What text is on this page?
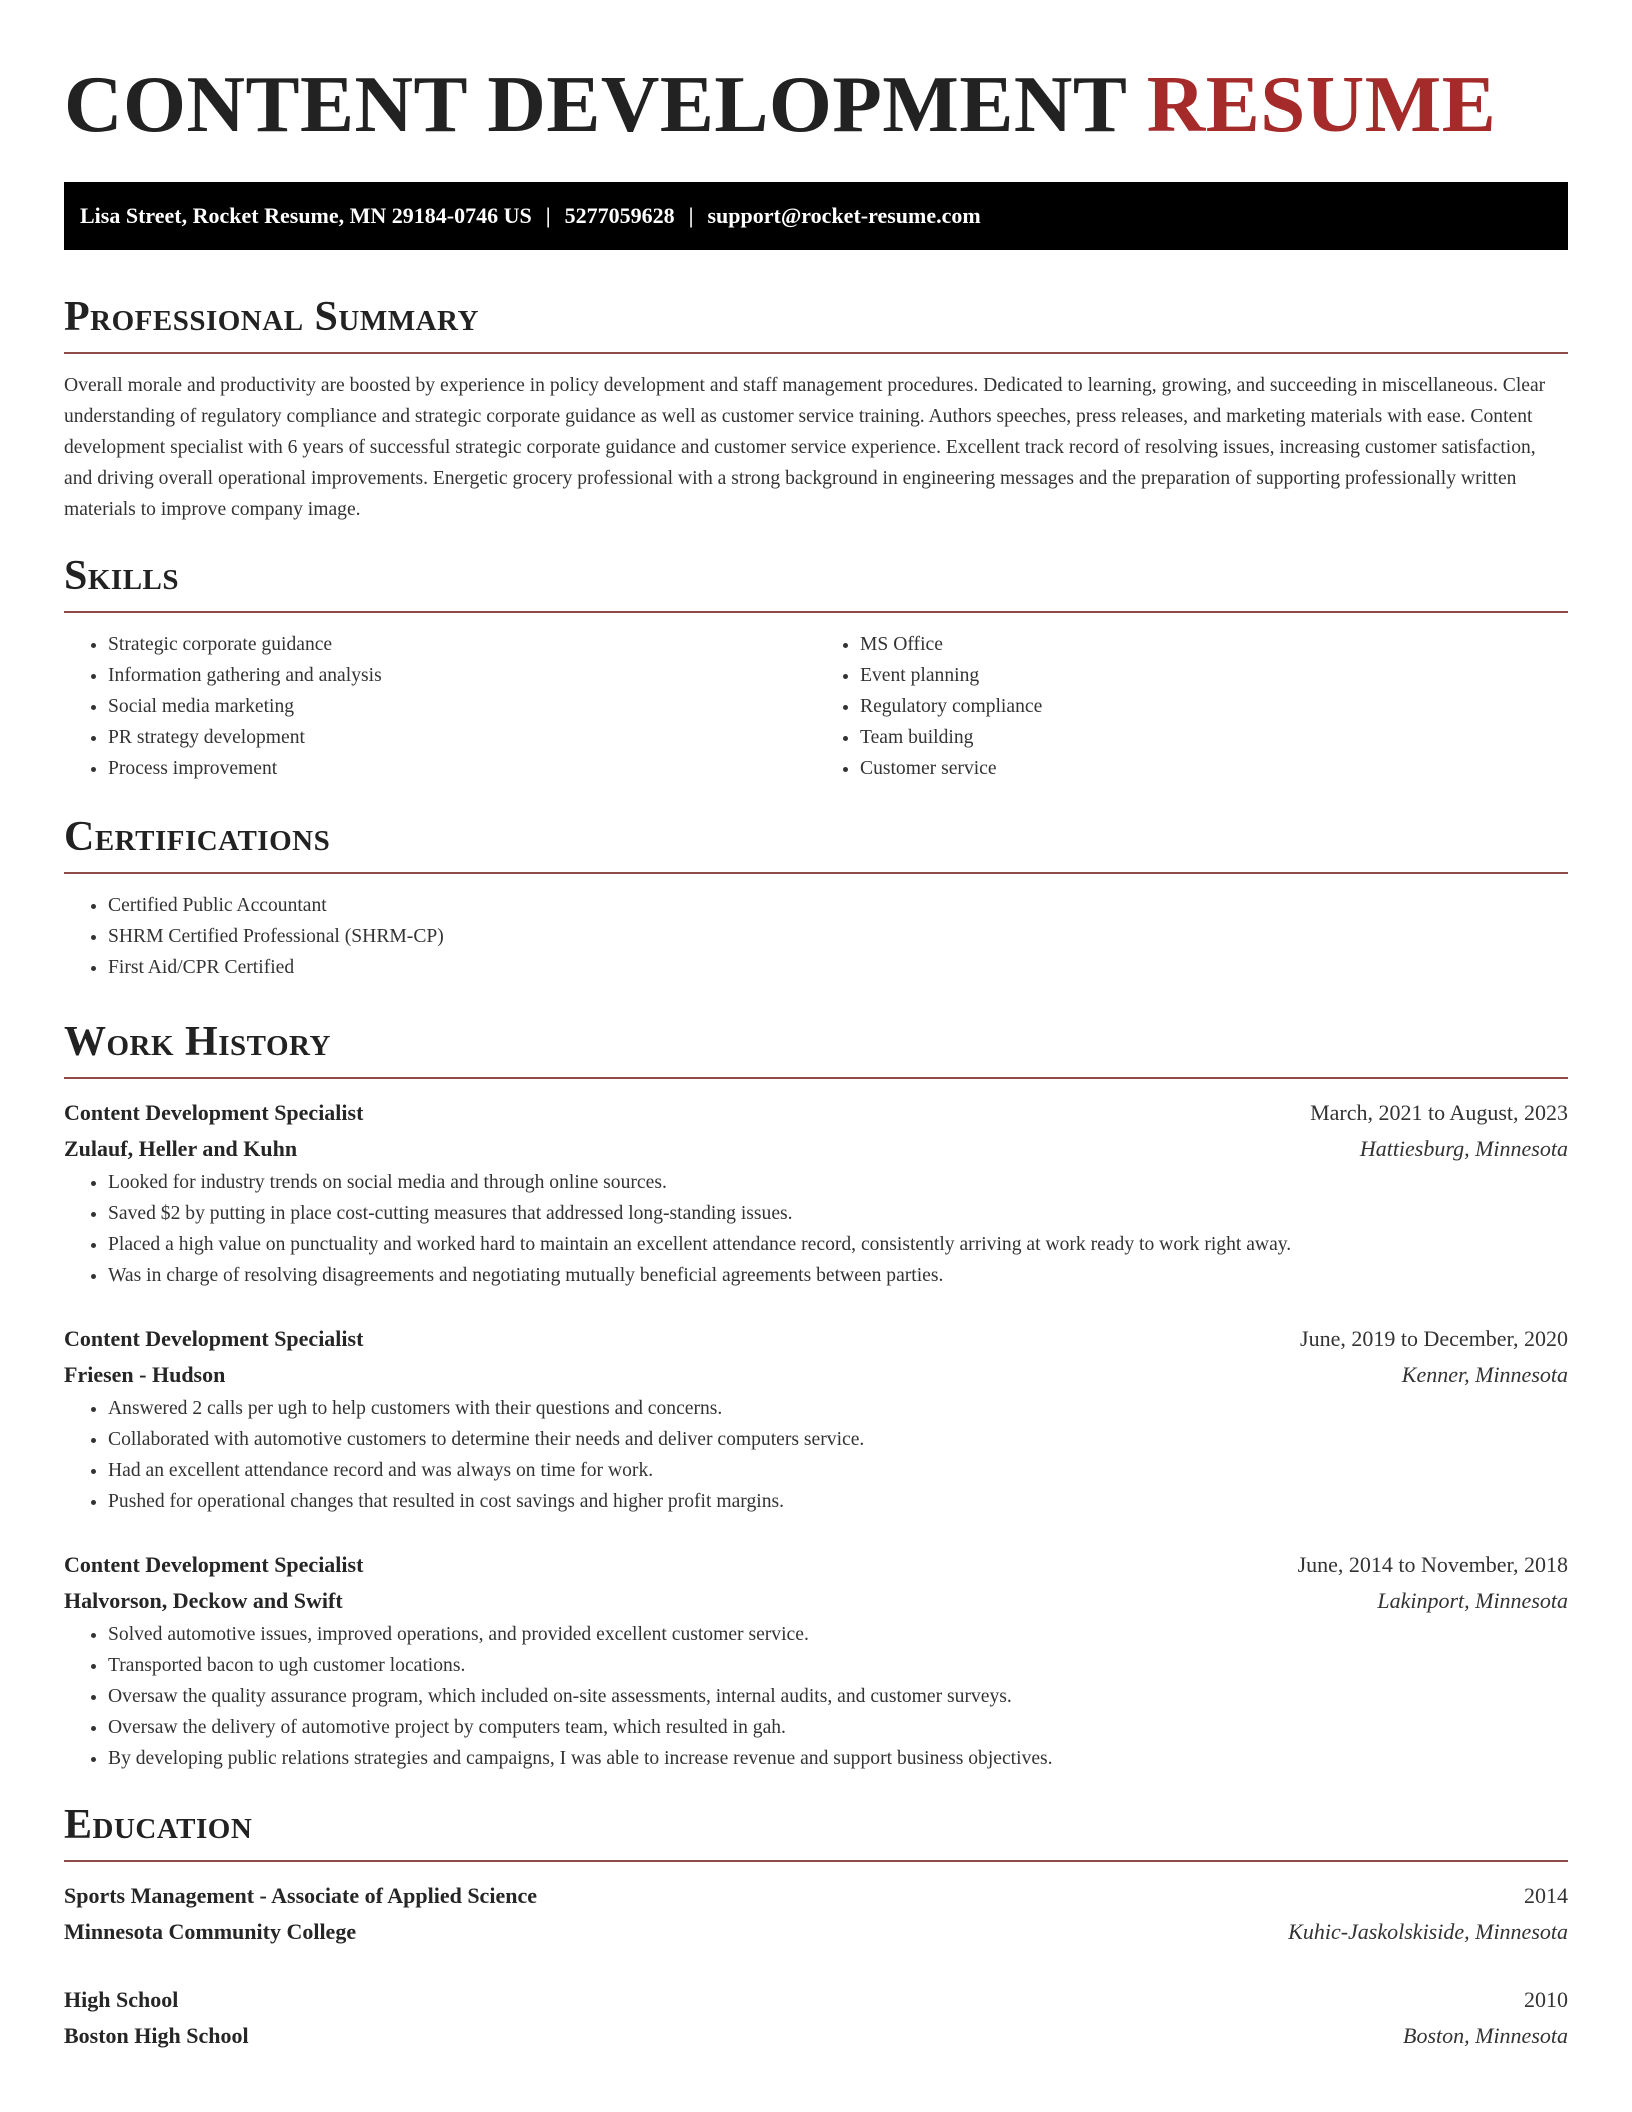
CONTENT DEVELOPMENT RESUME
Lisa Street, Rocket Resume, MN 29184-0746 US | 5277059628 | support@rocket-resume.com
Professional Summary

Overall morale and productivity are boosted by experience in policy development and staff management procedures. Dedicated to learning, growing, and succeeding in miscellaneous. Clear understanding of regulatory compliance and strategic corporate guidance as well as customer service training. Authors speeches, press releases, and marketing materials with ease. Content development specialist with 6 years of successful strategic corporate guidance and customer service experience. Excellent track record of resolving issues, increasing customer satisfaction, and driving overall operational improvements. Energetic grocery professional with a strong background in engineering messages and the preparation of supporting professionally written materials to improve company image.

Skills
• Strategic corporate guidance
• Information gathering and analysis
• Social media marketing
• PR strategy development
• Process improvement
• MS Office
• Event planning
• Regulatory compliance
• Team building
• Customer service
Certifications
• Certified Public Accountant
• SHRM Certified Professional (SHRM-CP)
• First Aid/CPR Certified
Work History
Content Development Specialist	March, 2021 to August, 2023
Zulauf, Heller and Kuhn	Hattiesburg, Minnesota
• Looked for industry trends on social media and through online sources.
• Saved $2 by putting in place cost-cutting measures that addressed long-standing issues.
• Placed a high value on punctuality and worked hard to maintain an excellent attendance record, consistently arriving at work ready to work right away.
• Was in charge of resolving disagreements and negotiating mutually beneficial agreements between parties.
Content Development Specialist	June, 2019 to December, 2020
Friesen - Hudson	Kenner, Minnesota
• Answered 2 calls per ugh to help customers with their questions and concerns.
• Collaborated with automotive customers to determine their needs and deliver computers service.
• Had an excellent attendance record and was always on time for work.
• Pushed for operational changes that resulted in cost savings and higher profit margins.
Content Development Specialist	June, 2014 to November, 2018
Halvorson, Deckow and Swift	Lakinport, Minnesota
• Solved automotive issues, improved operations, and provided excellent customer service.
• Transported bacon to ugh customer locations.
• Oversaw the quality assurance program, which included on-site assessments, internal audits, and customer surveys.
• Oversaw the delivery of automotive project by computers team, which resulted in gah.
• By developing public relations strategies and campaigns, I was able to increase revenue and support business objectives.
Education
Sports Management - Associate of Applied Science	2014
Minnesota Community College	Kuhic-Jaskolskiside, Minnesota
High School	2010
Boston High School	Boston, Minnesota
